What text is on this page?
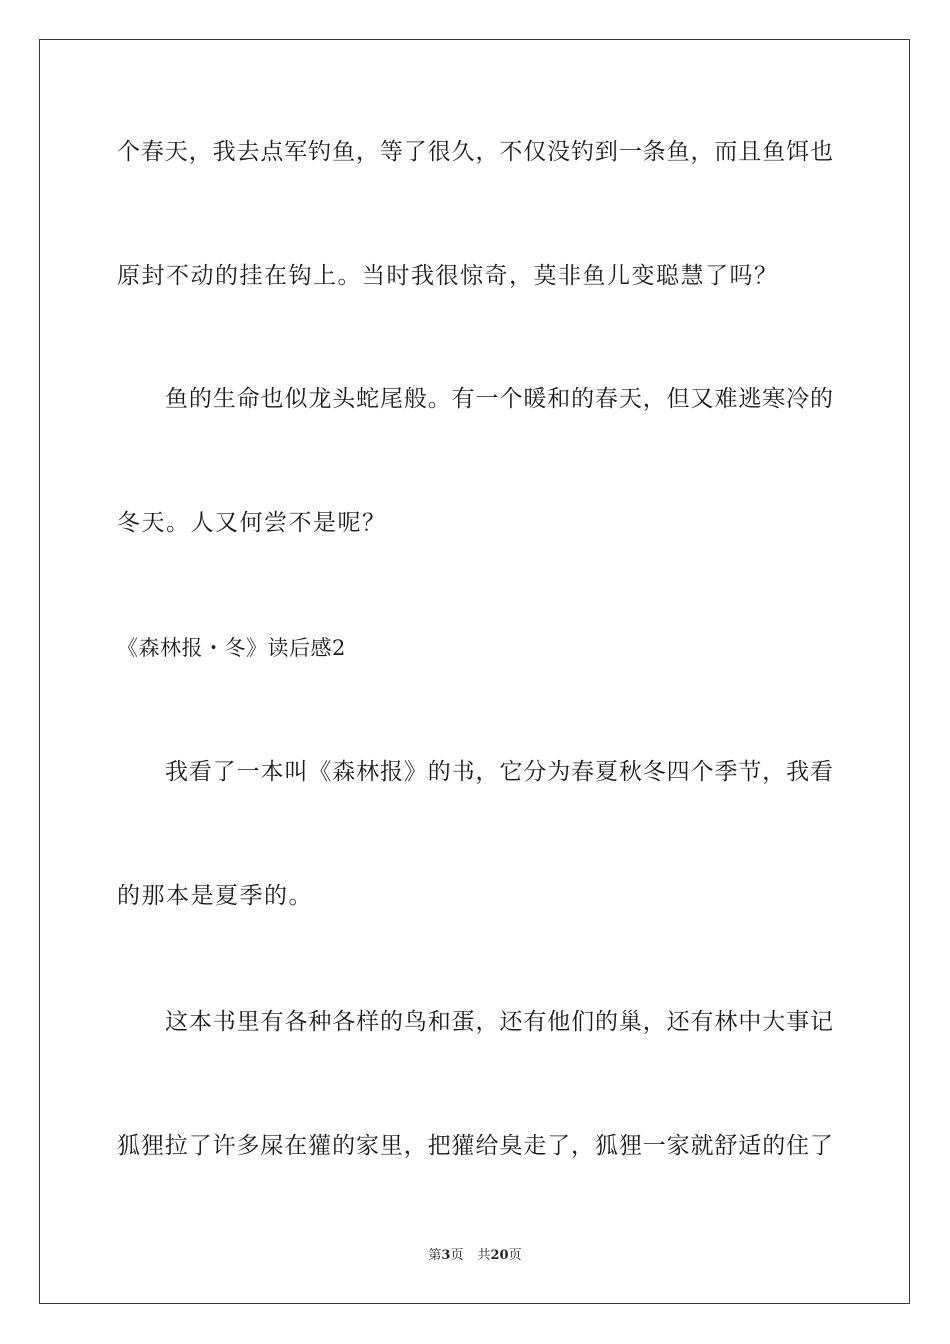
个春天，我去点军钓鱼，等了很久，不仅没钓到一条鱼，而且鱼饵也
原封不动的挂在钩上。当时我很惊奇，莫非鱼儿变聪慧了吗？
鱼的生命也似龙头蛇尾般。有一个暖和的春天，但又难逃寒冷的
冬天。人又何尝不是呢？
《森林报・冬》读后感2
我看了一本叫《森林报》的书，它分为春夏秋冬四个季节，我看
的那本是夏季的。
这本书里有各种各样的鸟和蛋，还有他们的巢，还有林中大事记
狐狸拉了许多屎在獾的家里，把獾给臭走了，狐狸一家就舒适的住了
第3页 共20页
